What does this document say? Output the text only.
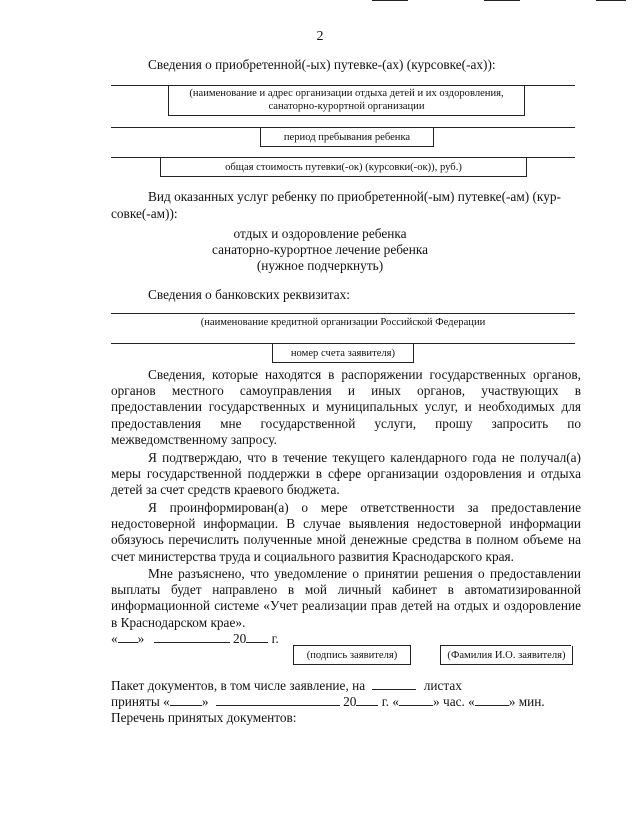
2
Сведения о приобретенной(-ых) путевке-(ах) (курсовке(-ах)):
(наименование и адрес организации отдыха детей и их оздоровления,
санаторно-курортной организации
период пребывания ребенка
общая стоимость путевки(-ок) (курсовки(-ок)), руб.)
Вид оказанных услуг ребенку по приобретенной(-ым) путевке(-ам) (кур-
совке(-ам)):
отдых и оздоровление ребенка
санаторно-курортное лечение ребенка
(нужное подчеркнуть)
Сведения о банковских реквизитах:
(наименование кредитной организации Российской Федерации
номер счета заявителя)
Сведения, которые находятся в распоряжении государственных органов, органов местного самоуправления и иных органов, участвующих в предоставлении государственных и муниципальных услуг, и необходимых для предоставления мне государственной услуги, прошу запросить по межведомственному запросу.
Я подтверждаю, что в течение текущего календарного года не получал(а) меры государственной поддержки в сфере организации оздоровления и отдыха детей за счет средств краевого бюджета.
Я проинформирован(а) о мере ответственности за предоставление недостоверной информации. В случае выявления недостоверной информации обязуюсь перечислить полученные мной денежные средства в полном объеме на счет министерства труда и социального развития Краснодарского края.
Мне разъяснено, что уведомление о принятии решения о предоставлении выплаты будет направлено в мой личный кабинет в автоматизированной информационной системе «Учет реализации прав детей на отдых и оздоровление в Краснодарском крае».
« »	20 г.
(подпись заявителя)	(Фамилия И.О. заявителя)
Пакет документов, в том числе заявление, на	листах
приняты « »	20 г. «	» час. «	» мин.
Перечень принятых документов:
